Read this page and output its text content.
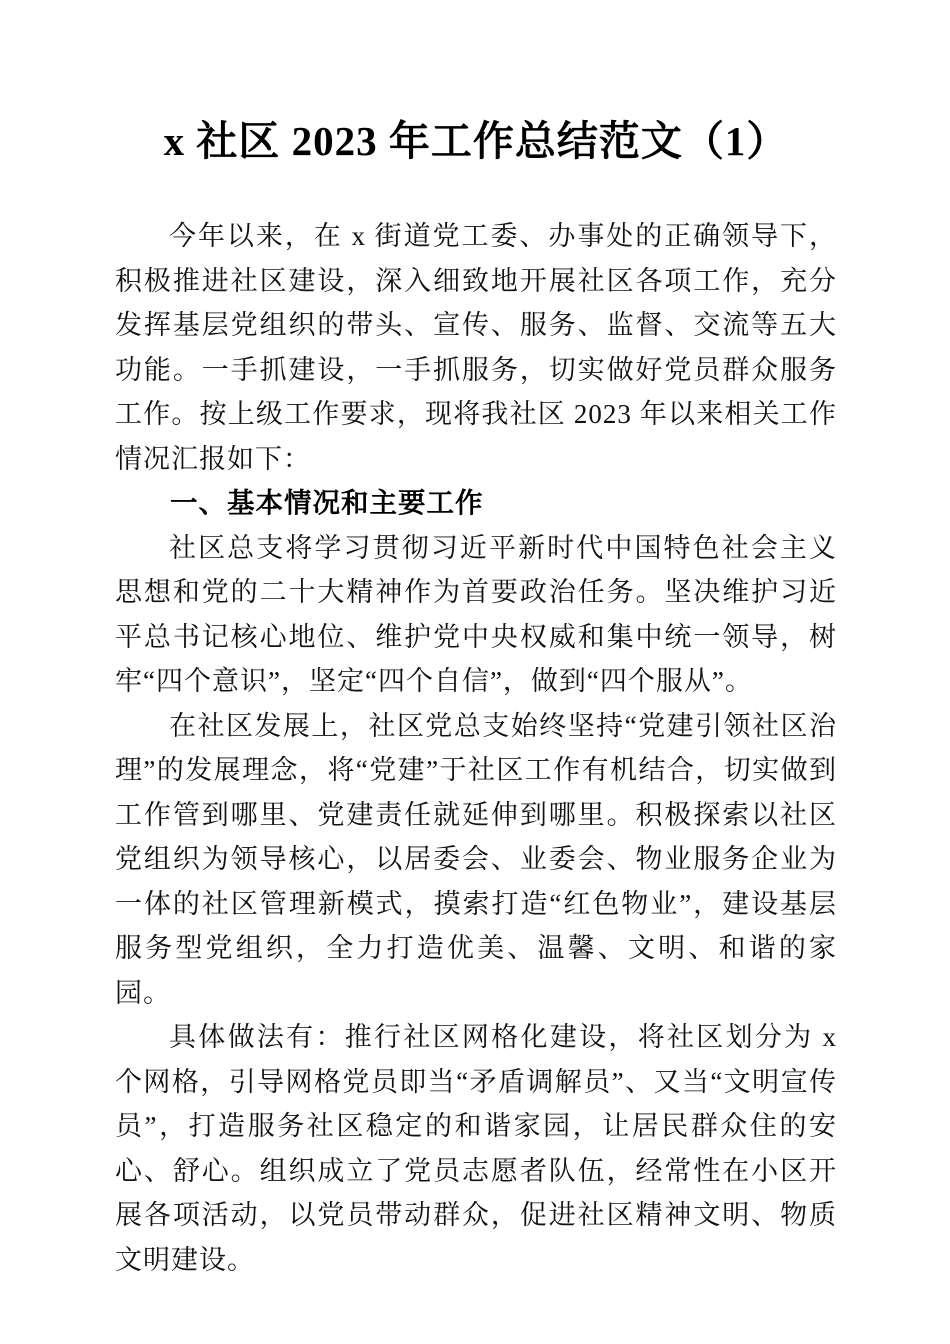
x 社区 2023 年工作总结范文（1）

今年以来，在 x 街道党工委、办事处的正确领导下，积极推进社区建设，深入细致地开展社区各项工作，充分发挥基层党组织的带头、宣传、服务、监督、交流等五大功能。一手抓建设，一手抓服务，切实做好党员群众服务工作。按上级工作要求，现将我社区 2023 年以来相关工作情况汇报如下：

一、基本情况和主要工作

社区总支将学习贯彻习近平新时代中国特色社会主义思想和党的二十大精神作为首要政治任务。坚决维护习近平总书记核心地位、维护党中央权威和集中统一领导，树牢“四个意识”，坚定“四个自信”，做到“四个服从”。

在社区发展上，社区党总支始终坚持“党建引领社区治理”的发展理念，将“党建”于社区工作有机结合，切实做到工作管到哪里、党建责任就延伸到哪里。积极探索以社区党组织为领导核心，以居委会、业委会、物业服务企业为一体的社区管理新模式，摸索打造“红色物业”，建设基层服务型党组织，全力打造优美、温馨、文明、和谐的家园。

具体做法有：推行社区网格化建设，将社区划分为 x 个网格，引导网格党员即当“矛盾调解员”、又当“文明宣传员”，打造服务社区稳定的和谐家园，让居民群众住的安心、舒心。组织成立了党员志愿者队伍，经常性在小区开展各项活动，以党员带动群众，促进社区精神文明、物质文明建设。
